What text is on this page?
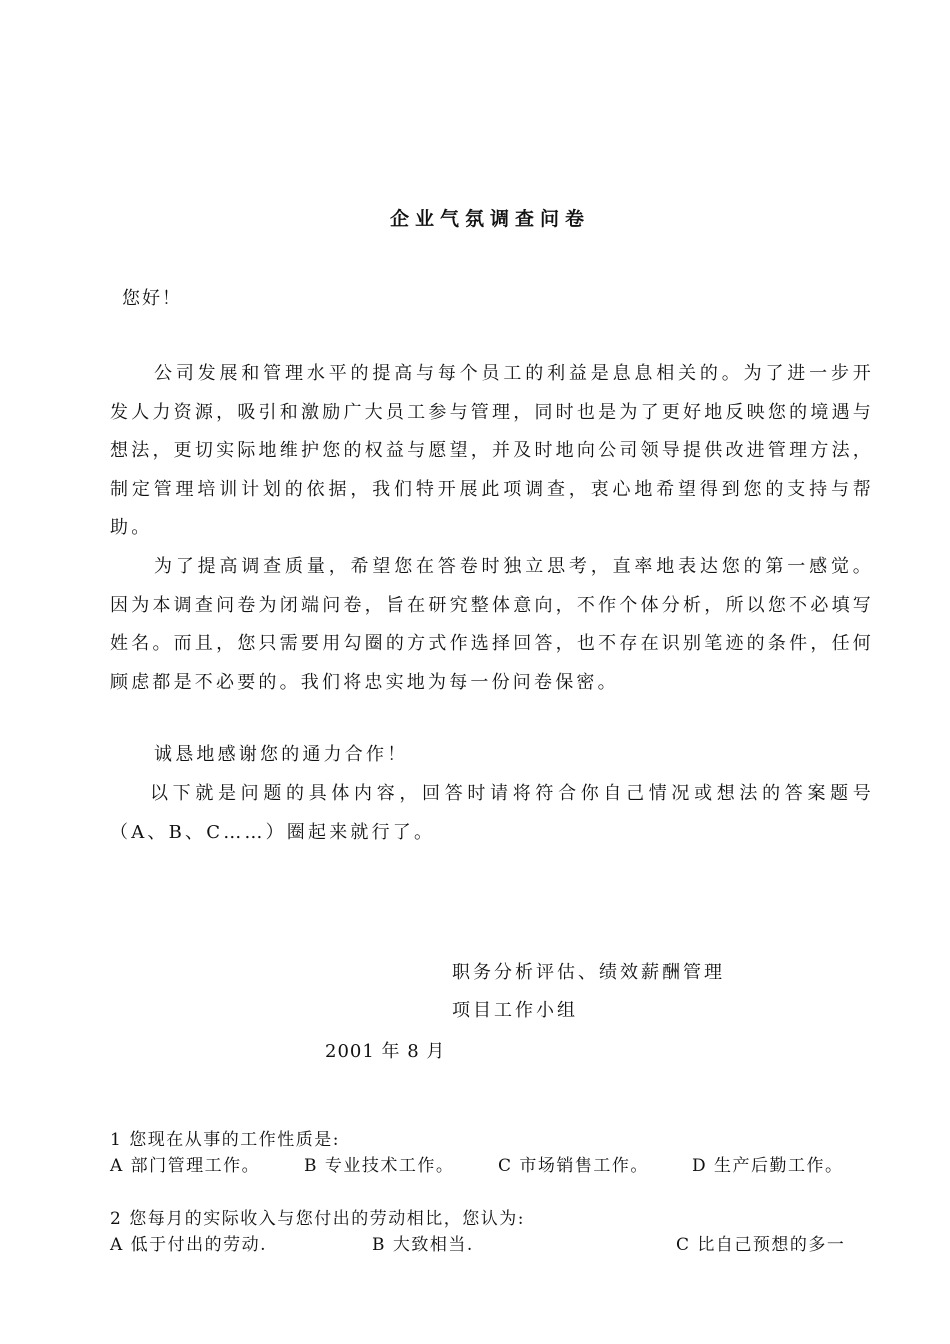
企业气氛调查问卷
您好！

公司发展和管理水平的提高与每个员工的利益是息息相关的。为了进一步开发人力资源，吸引和激励广大员工参与管理，同时也是为了更好地反映您的境遇与想法，更切实际地维护您的权益与愿望，并及时地向公司领导提供改进管理方法，制定管理培训计划的依据，我们特开展此项调查，衷心地希望得到您的支持与帮助。

为了提高调查质量，希望您在答卷时独立思考，直率地表达您的第一感觉。因为本调查问卷为闭端问卷，旨在研究整体意向，不作个体分析，所以您不必填写姓名。而且，您只需要用勾圈的方式作选择回答，也不存在识别笔迹的条件，任何顾虑都是不必要的。我们将忠实地为每一份问卷保密。

诚恳地感谢您的通力合作！

以下就是问题的具体内容，回答时请将符合你自己情况或想法的答案题号（A、B、C……）圈起来就行了。

职务分析评估、绩效薪酬管理
项目工作小组
2001 年 8 月
1 您现在从事的工作性质是:
A 部门管理工作。	B 专业技术工作。	C 市场销售工作。	D 生产后勤工作。
2 您每月的实际收入与您付出的劳动相比，您认为:
A 低于付出的劳动.	B 大致相当.	C 比自己预想的多一
